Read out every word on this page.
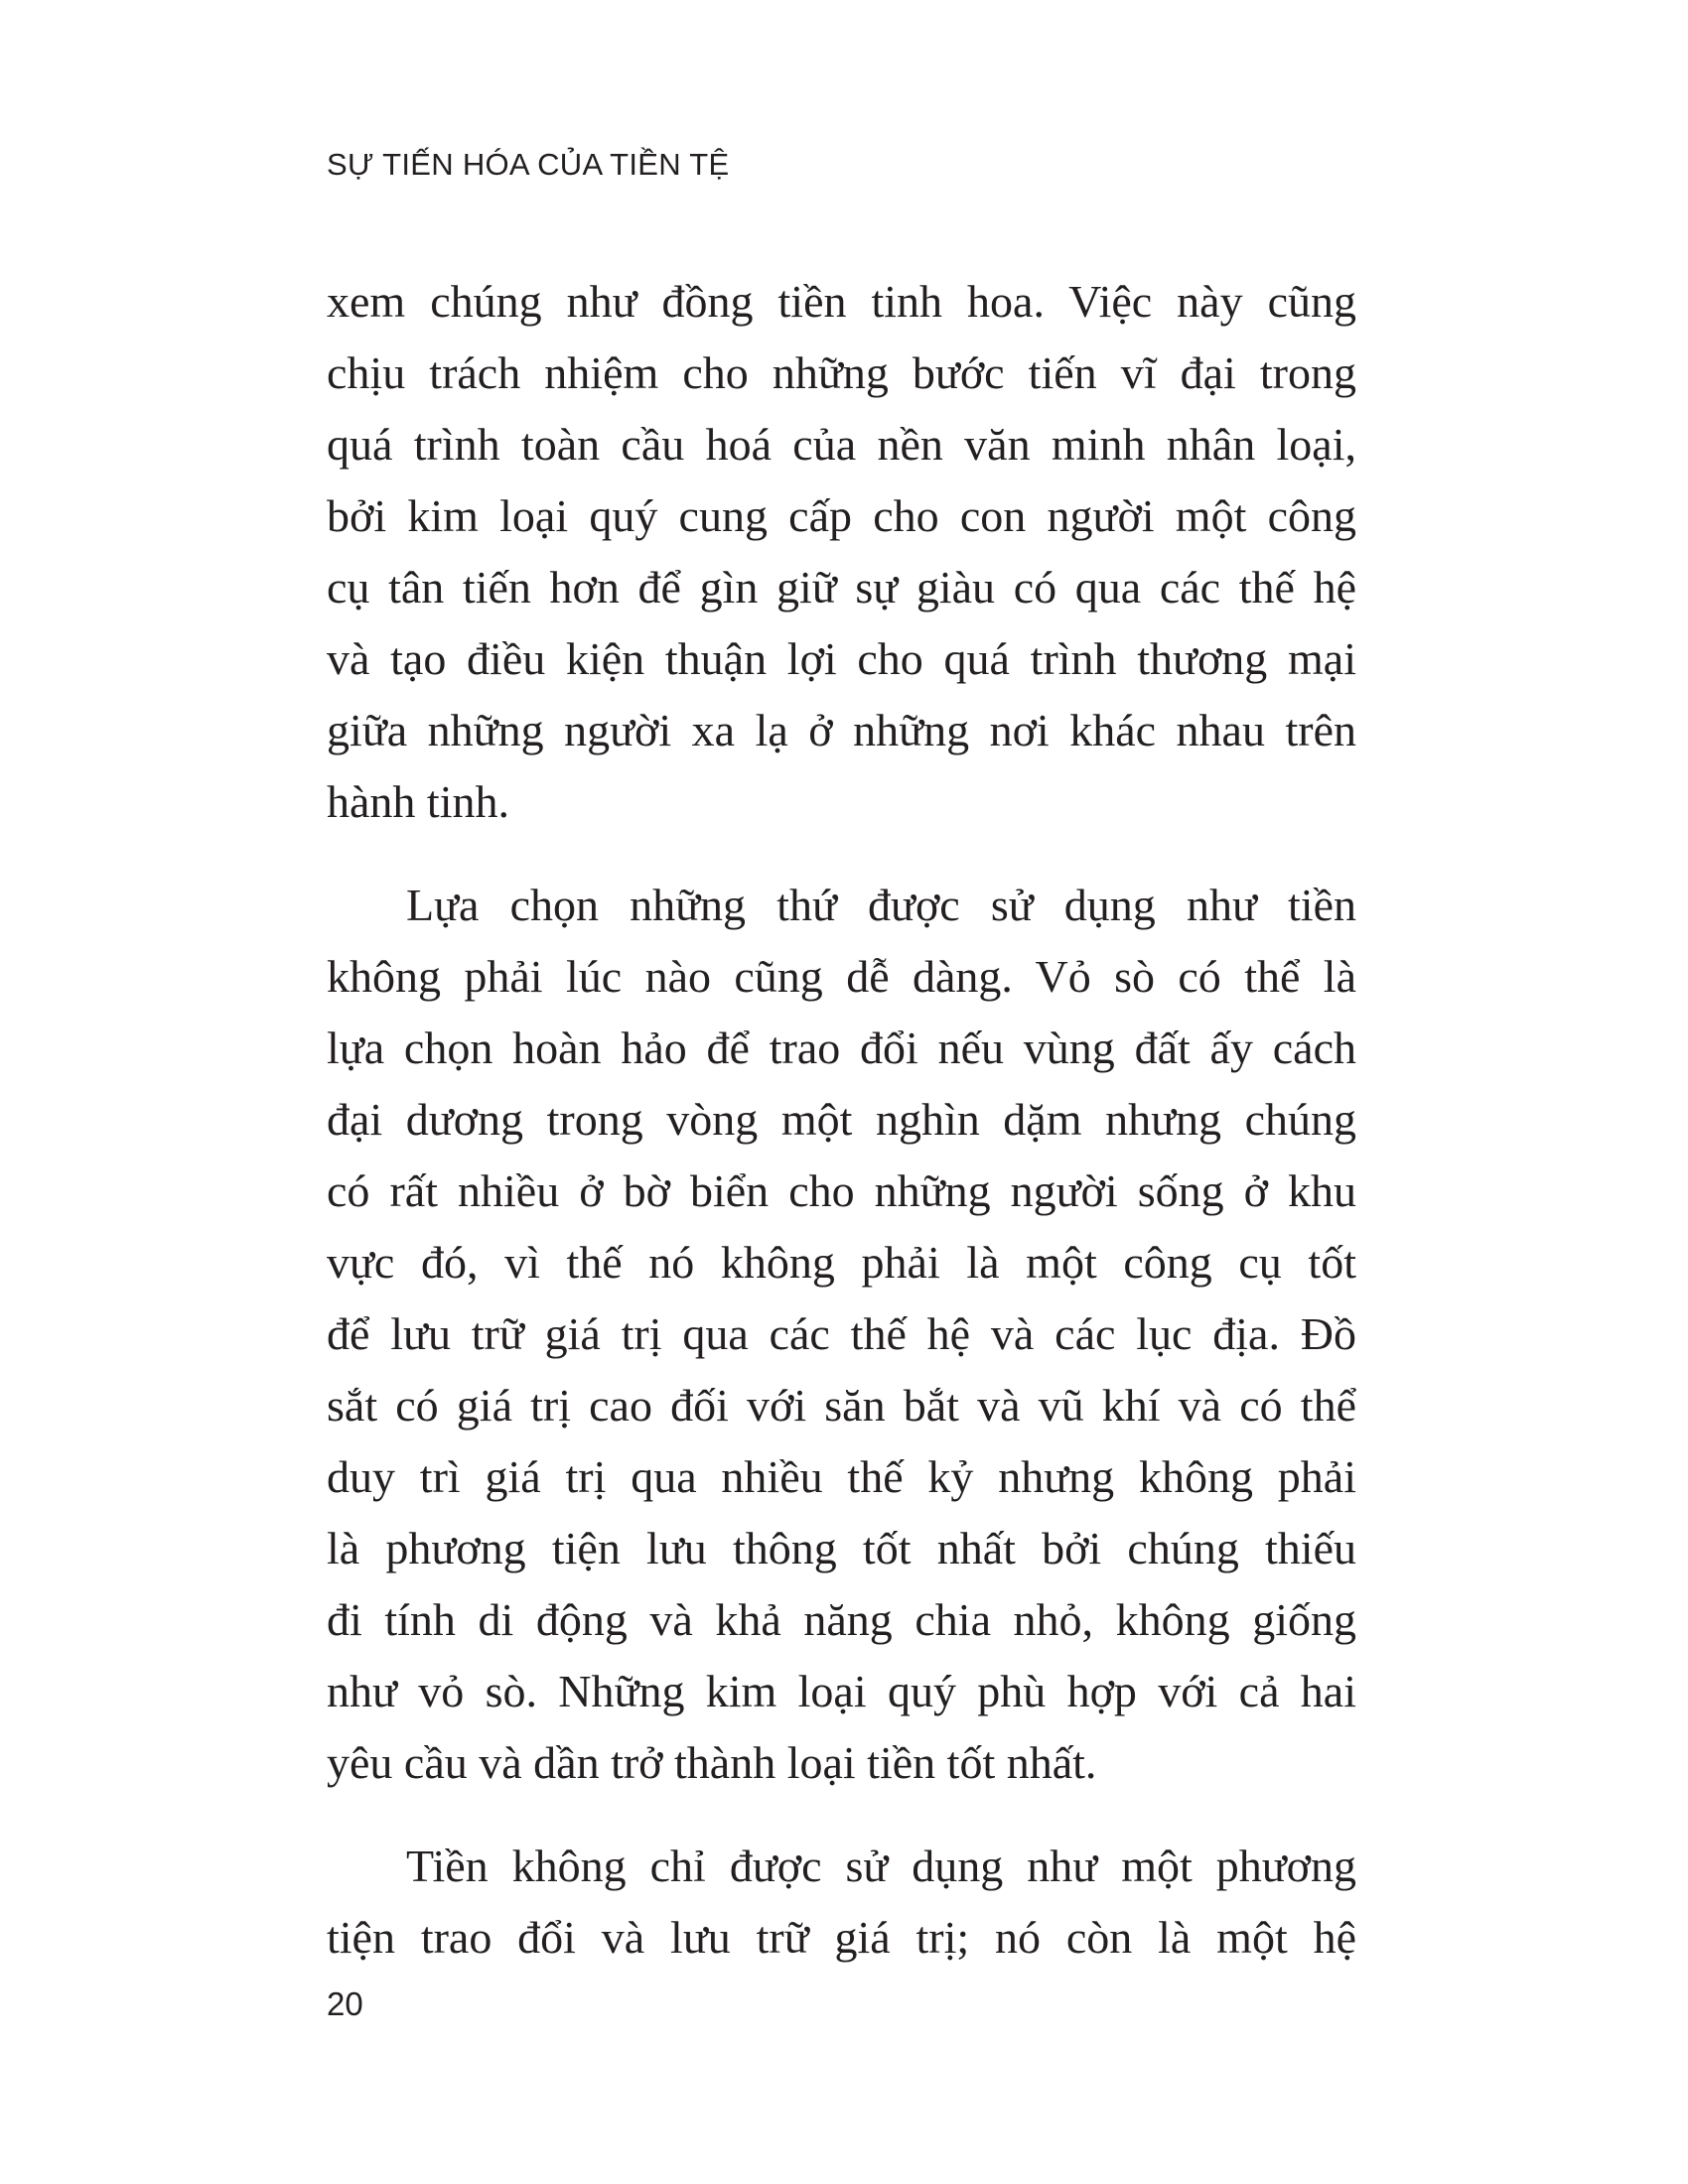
SỰ TIẾN HÓA CỦA TIỀN TỆ

xem chúng như đồng tiền tinh hoa. Việc này cũng
chịu trách nhiệm cho những bước tiến vĩ đại trong
quá trình toàn cầu hoá của nền văn minh nhân loại,
bởi kim loại quý cung cấp cho con người một công
cụ tân tiến hơn để gìn giữ sự giàu có qua các thế hệ
và tạo điều kiện thuận lợi cho quá trình thương mại
giữa những người xa lạ ở những nơi khác nhau trên
hành tinh.

Lựa chọn những thứ được sử dụng như tiền
không phải lúc nào cũng dễ dàng. Vỏ sò có thể là
lựa chọn hoàn hảo để trao đổi nếu vùng đất ấy cách
đại dương trong vòng một nghìn dặm nhưng chúng
có rất nhiều ở bờ biển cho những người sống ở khu
vực đó, vì thế nó không phải là một công cụ tốt
để lưu trữ giá trị qua các thế hệ và các lục địa. Đồ
sắt có giá trị cao đối với săn bắt và vũ khí và có thể
duy trì giá trị qua nhiều thế kỷ nhưng không phải
là phương tiện lưu thông tốt nhất bởi chúng thiếu
đi tính di động và khả năng chia nhỏ, không giống
như vỏ sò. Những kim loại quý phù hợp với cả hai
yêu cầu và dần trở thành loại tiền tốt nhất.

Tiền không chỉ được sử dụng như một phương
tiện trao đổi và lưu trữ giá trị; nó còn là một hệ

20
